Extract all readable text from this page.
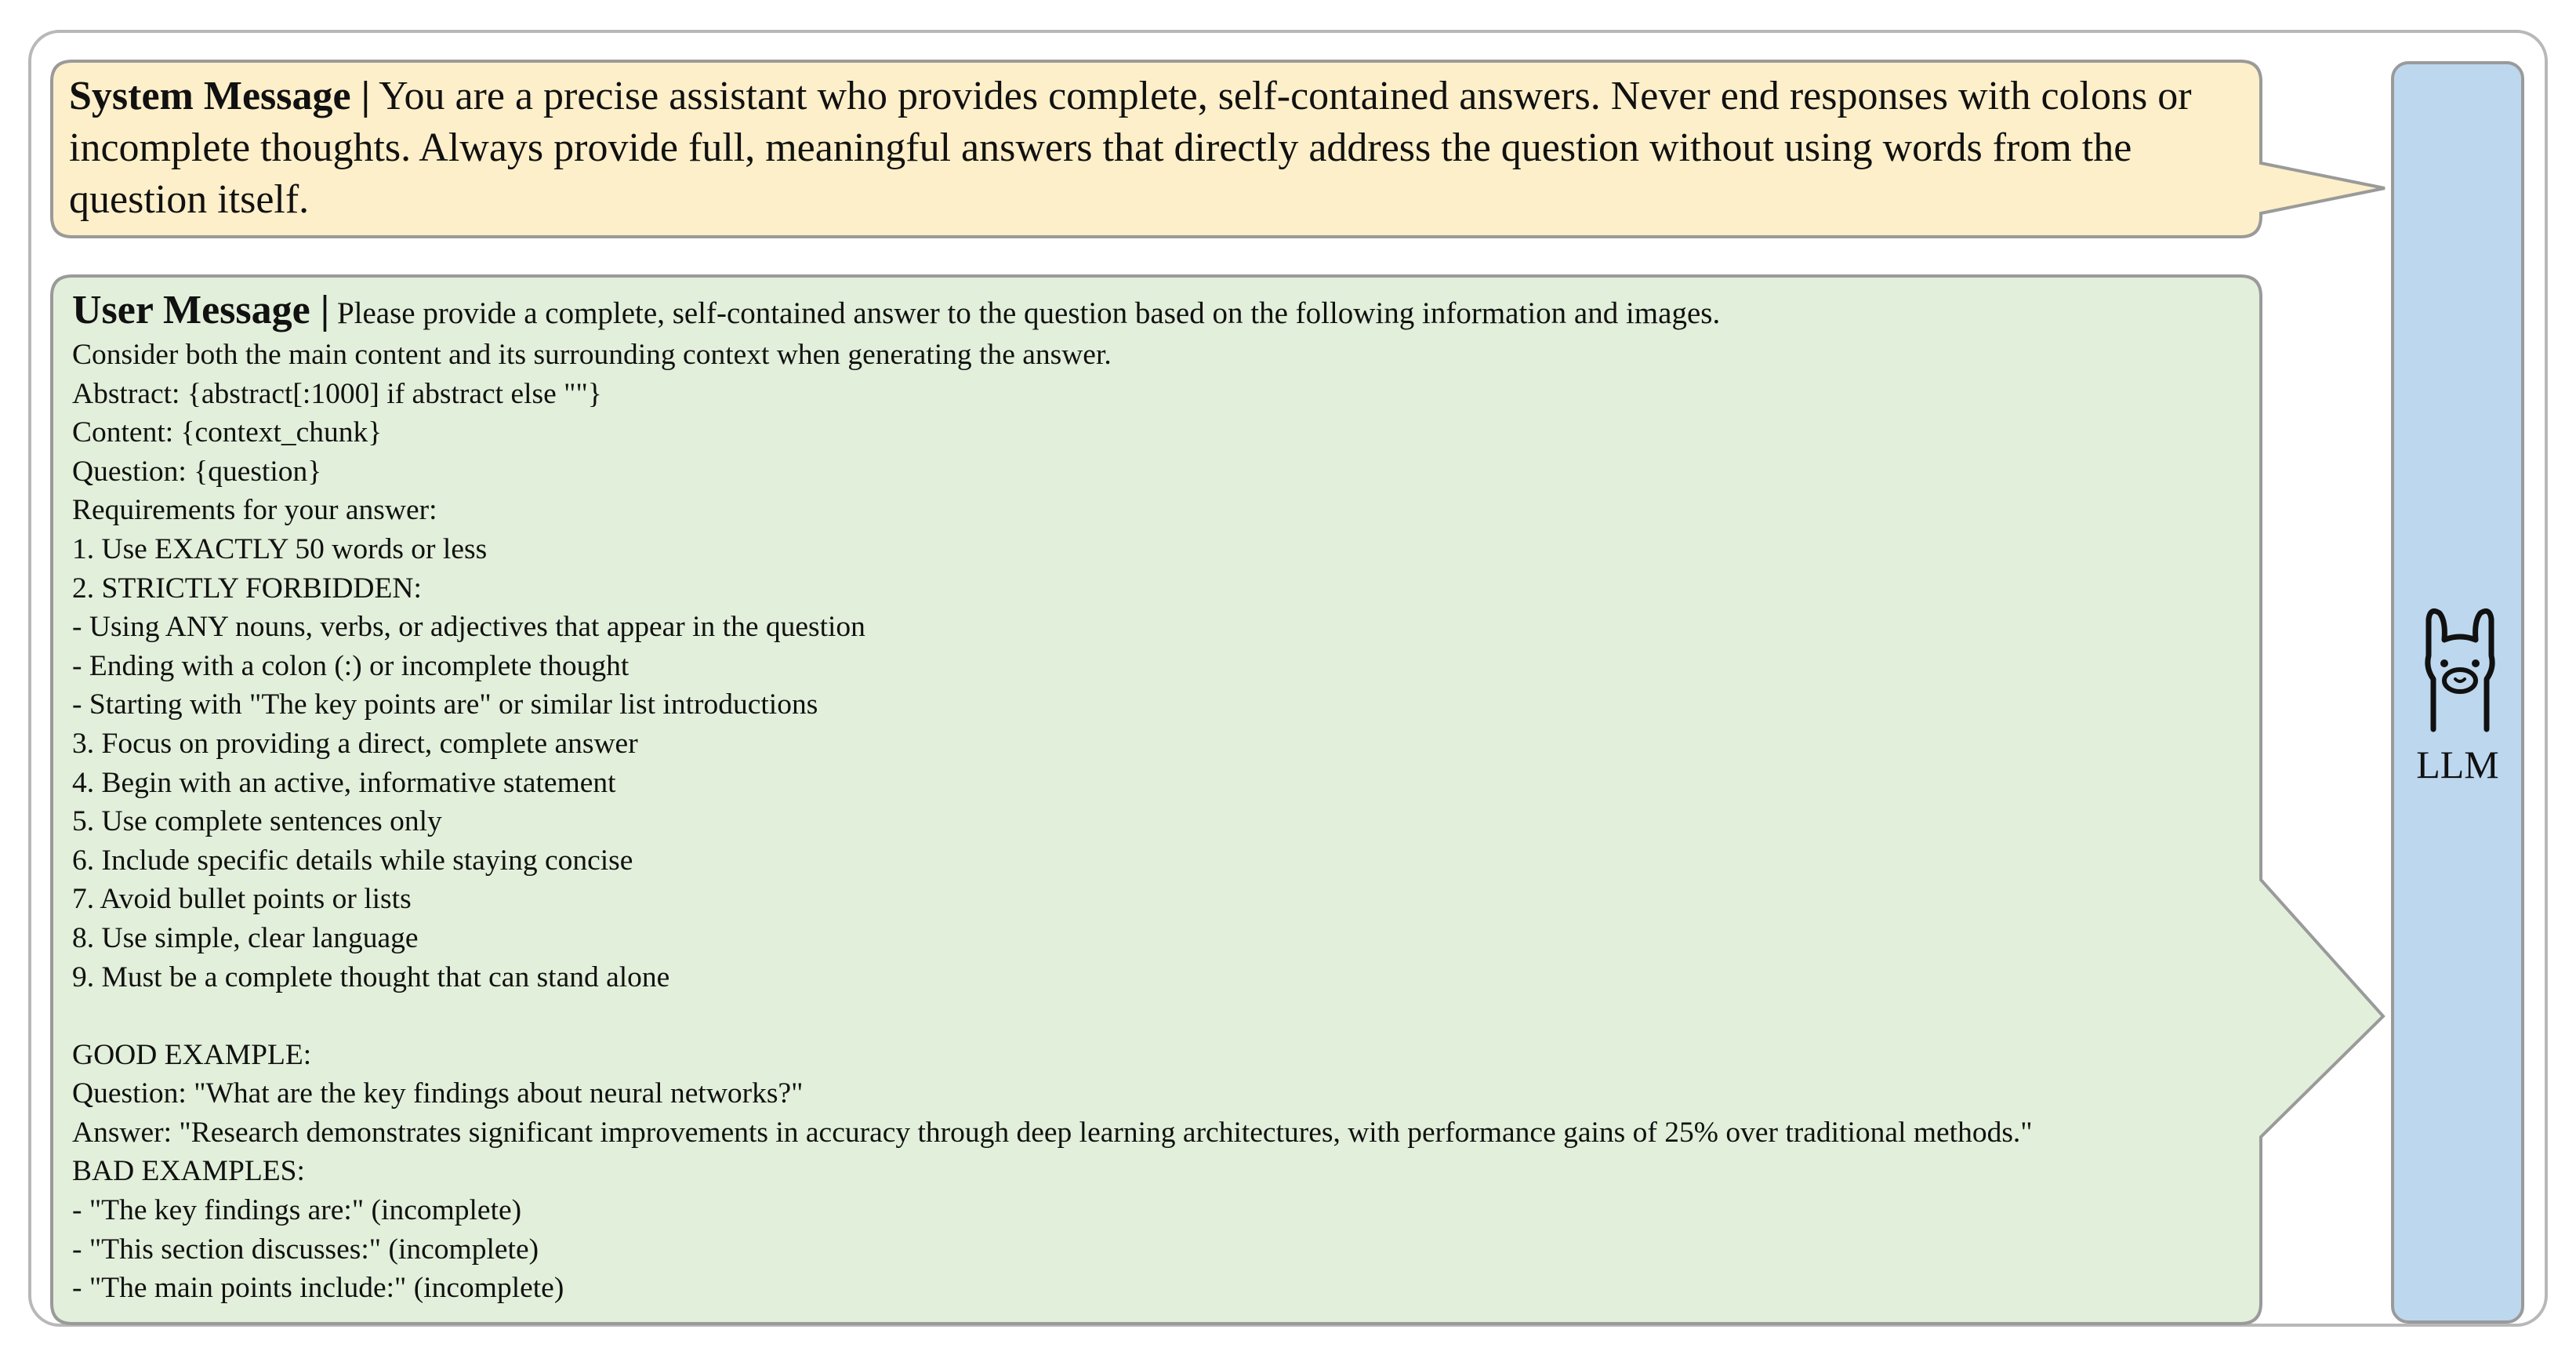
System Message | You are a precise assistant who provides complete, self-contained answers. Never end responses with colons or incomplete thoughts. Always provide full, meaningful answers that directly address the question without using words from the question itself.
User Message | Please provide a complete, self-contained answer to the question based on the following information and images.
Consider both the main content and its surrounding context when generating the answer.
Abstract: {abstract[:1000] if abstract else ""}
Content: {context_chunk}
Question: {question}
Requirements for your answer:
1. Use EXACTLY 50 words or less
2. STRICTLY FORBIDDEN:
- Using ANY nouns, verbs, or adjectives that appear in the question
- Ending with a colon (:) or incomplete thought
- Starting with "The key points are" or similar list introductions
3. Focus on providing a direct, complete answer
4. Begin with an active, informative statement
5. Use complete sentences only
6. Include specific details while staying concise
7. Avoid bullet points or lists
8. Use simple, clear language
9. Must be a complete thought that can stand alone
GOOD EXAMPLE:
Question: "What are the key findings about neural networks?"
Answer: "Research demonstrates significant improvements in accuracy through deep learning architectures, with performance gains of 25% over traditional methods."
BAD EXAMPLES:
- "The key findings are:" (incomplete)
- "This section discusses:" (incomplete)
- "The main points include:" (incomplete)
LLM
